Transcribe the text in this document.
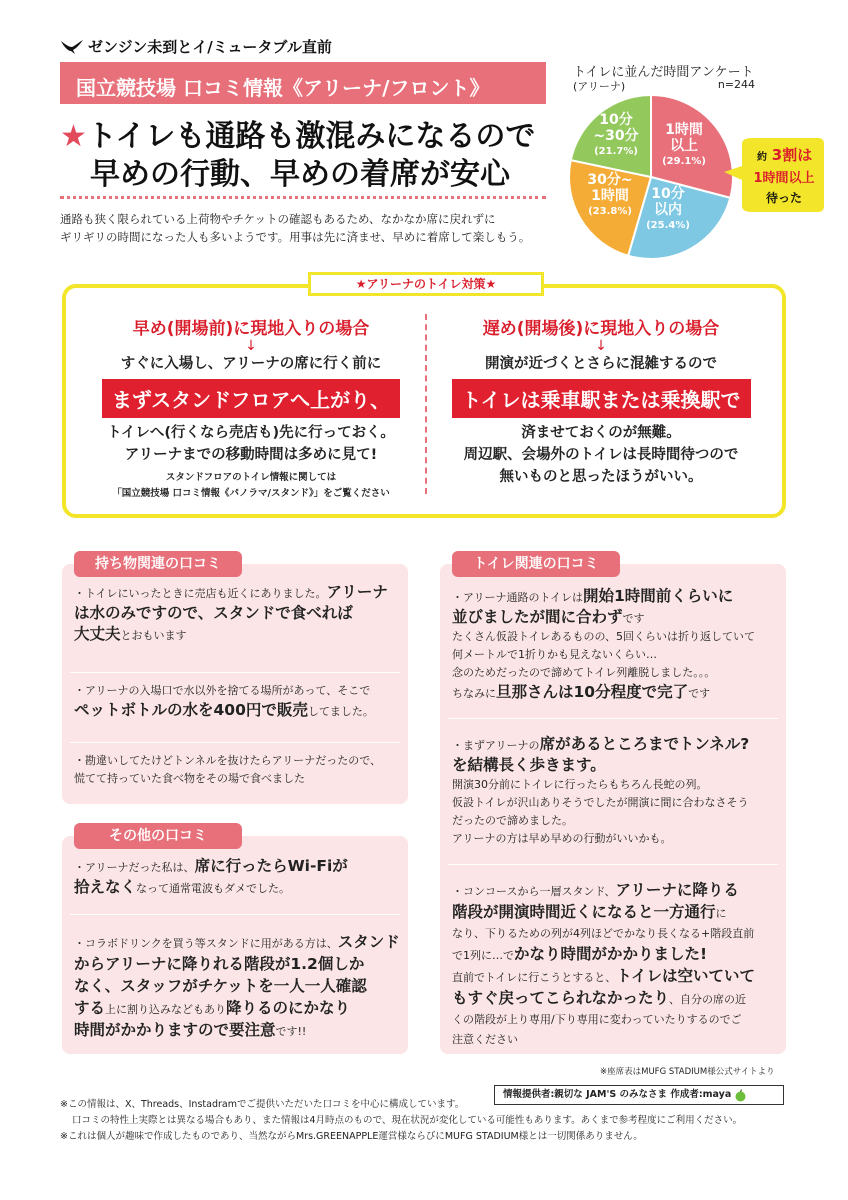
ゼンジン未到とイ/ミュータブル直前
国立競技場 口コミ情報《アリーナ/フロント》
★トイレも通路も激混みになるので
早めの行動、早めの着席が安心
通路も狭く限られている上荷物やチケットの確認もあるため、なかなか席に戻れずに
ギリギリの時間になった人も多いようです。用事は先に済ませ、早めに着席して楽しもう。
トイレに並んだ時間アンケート
(アリーナ)	n=244
1時間
以上
(29.1%)
10分
以内
(25.4%)
30分~
1時間
(23.8%)
10分
~30分
(21.7%)
約 3割は
1時間以上
待った
★アリーナのトイレ対策★
早め(開場前)に現地入りの場合
↓
すぐに入場し、アリーナの席に行く前に
まずスタンドフロアへ上がり、
トイレへ(行くなら売店も)先に行っておく。
アリーナまでの移動時間は多めに見て!
スタンドフロアのトイレ情報に関しては
「国立競技場 口コミ情報《パノラマ/スタンド》」をご覧ください
遅め(開場後)に現地入りの場合
↓
開演が近づくとさらに混雑するので
トイレは乗車駅または乗換駅で
済ませておくのが無難。
周辺駅、会場外のトイレは長時間待つので
無いものと思ったほうがいい。
持ち物関連の口コミ
・トイレにいったときに売店も近くにありました。アリーナ
は水のみですので、スタンドで食べれば
大丈夫とおもいます
・アリーナの入場口で水以外を捨てる場所があって、そこで
ペットボトルの水を400円で販売してました。
・勘違いしてたけどトンネルを抜けたらアリーナだったので、
慌てて持っていた食べ物をその場で食べました
その他の口コミ
・アリーナだった私は、席に行ったらWi-Fiが
拾えなくなって通常電波もダメでした。
・コラボドリンクを買う等スタンドに用がある方は、スタンド
からアリーナに降りれる階段が1.2個しか
なく、スタッフがチケットを一人一人確認
する上に割り込みなどもあり降りるのにかなり
時間がかかりますので要注意です!!
トイレ関連の口コミ
・アリーナ通路のトイレは開始1時間前くらいに
並びましたが間に合わずです
たくさん仮設トイレあるものの、5回くらいは折り返していて
何メートルで1折りかも見えないくらい…
念のためだったので諦めてトイレ列離脱しました。。。
ちなみに旦那さんは10分程度で完了です
・まずアリーナの席があるところまでトンネル?
を結構長く歩きます。
開演30分前にトイレに行ったらもちろん長蛇の列。
仮設トイレが沢山ありそうでしたが開演に間に合わなさそう
だったので諦めました。
アリーナの方は早め早めの行動がいいかも。
・コンコースから一層スタンド、アリーナに降りる
階段が開演時間近くになると一方通行に
なり、下りるための列が4列ほどでかなり長くなる+階段直前
で1列に…でかなり時間がかかりました!
直前でトイレに行こうとすると、トイレは空いていて
もすぐ戻ってこられなかったり、自分の席の近
くの階段が上り専用/下り専用に変わっていたりするのでご
注意ください
※座席表はMUFG STADIUM様公式サイトより
情報提供者:親切な JAM'S のみなさま 作成者:maya
※この情報は、X、Threads、Instadramでご提供いただいた口コミを中心に構成しています。
口コミの特性上実際とは異なる場合もあり、また情報は4月時点のもので、現在状況が変化している可能性もあります。あくまで参考程度にご利用ください。
※これは個人が趣味で作成したものであり、当然ながらMrs.GREENAPPLE運営様ならびにMUFG STADIUM様とは一切関係ありません。
